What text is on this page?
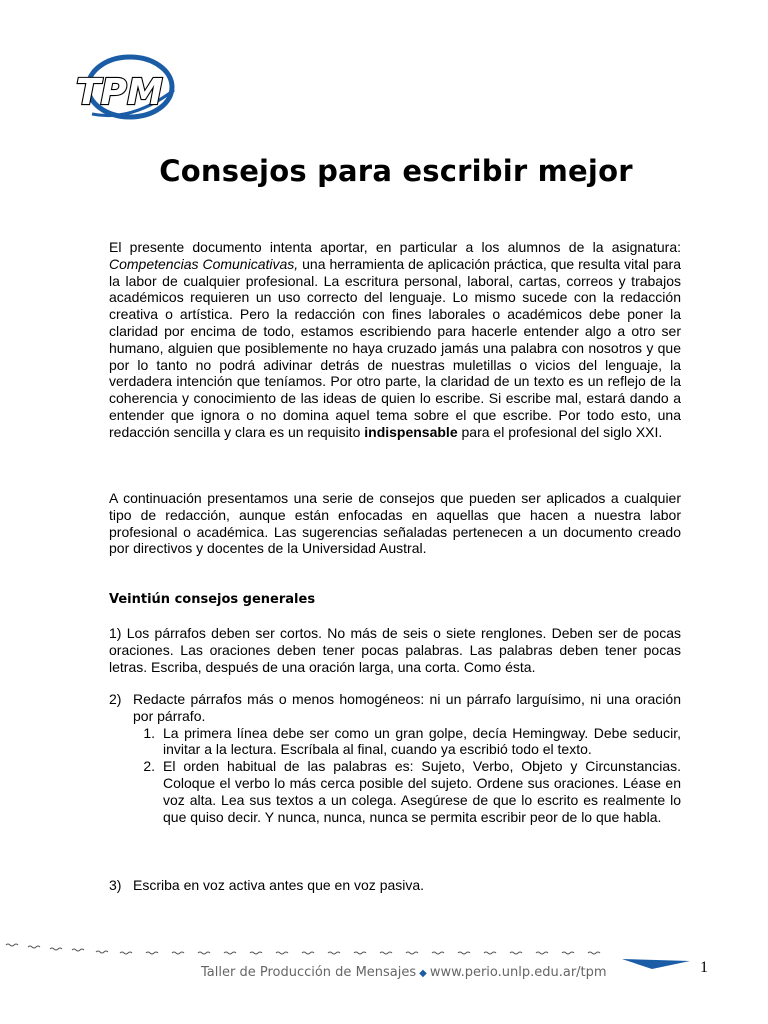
TPM
Consejos para escribir mejor

El presente documento intenta aportar, en particular a los alumnos de la asignatura: Competencias Comunicativas, una herramienta de aplicación práctica, que resulta vital para la labor de cualquier profesional. La escritura personal, laboral, cartas, correos y trabajos académicos requieren un uso correcto del lenguaje. Lo mismo sucede con la redacción creativa o artística. Pero la redacción con fines laborales o académicos debe poner la claridad por encima de todo, estamos escribiendo para hacerle entender algo a otro ser humano, alguien que posiblemente no haya cruzado jamás una palabra con nosotros y que por lo tanto no podrá adivinar detrás de nuestras muletillas o vicios del lenguaje, la verdadera intención que teníamos. Por otro parte, la claridad de un texto es un reflejo de la coherencia y conocimiento de las ideas de quien lo escribe. Si escribe mal, estará dando a entender que ignora o no domina aquel tema sobre el que escribe. Por todo esto, una redacción sencilla y clara es un requisito indispensable para el profesional del siglo XXI.

A continuación presentamos una serie de consejos que pueden ser aplicados a cualquier tipo de redacción, aunque están enfocadas en aquellas que hacen a nuestra labor profesional o académica. Las sugerencias señaladas pertenecen a un documento creado por directivos y docentes de la Universidad Austral.

Veintiún consejos generales

1) Los párrafos deben ser cortos. No más de seis o siete renglones. Deben ser de pocas oraciones. Las oraciones deben tener pocas palabras. Las palabras deben tener pocas letras. Escriba, después de una oración larga, una corta. Como ésta.

2) Redacte párrafos más o menos homogéneos: ni un párrafo larguísimo, ni una oración por párrafo.
1. La primera línea debe ser como un gran golpe, decía Hemingway. Debe seducir, invitar a la lectura. Escríbala al final, cuando ya escribió todo el texto.
2. El orden habitual de las palabras es: Sujeto, Verbo, Objeto y Circunstancias. Coloque el verbo lo más cerca posible del sujeto. Ordene sus oraciones. Léase en voz alta. Lea sus textos a un colega. Asegúrese de que lo escrito es realmente lo que quiso decir. Y nunca, nunca, nunca se permita escribir peor de lo que habla.
3) Escriba en voz activa antes que en voz pasiva.
Taller de Producción de Mensajes ◆ www.perio.unlp.edu.ar/tpm	1
